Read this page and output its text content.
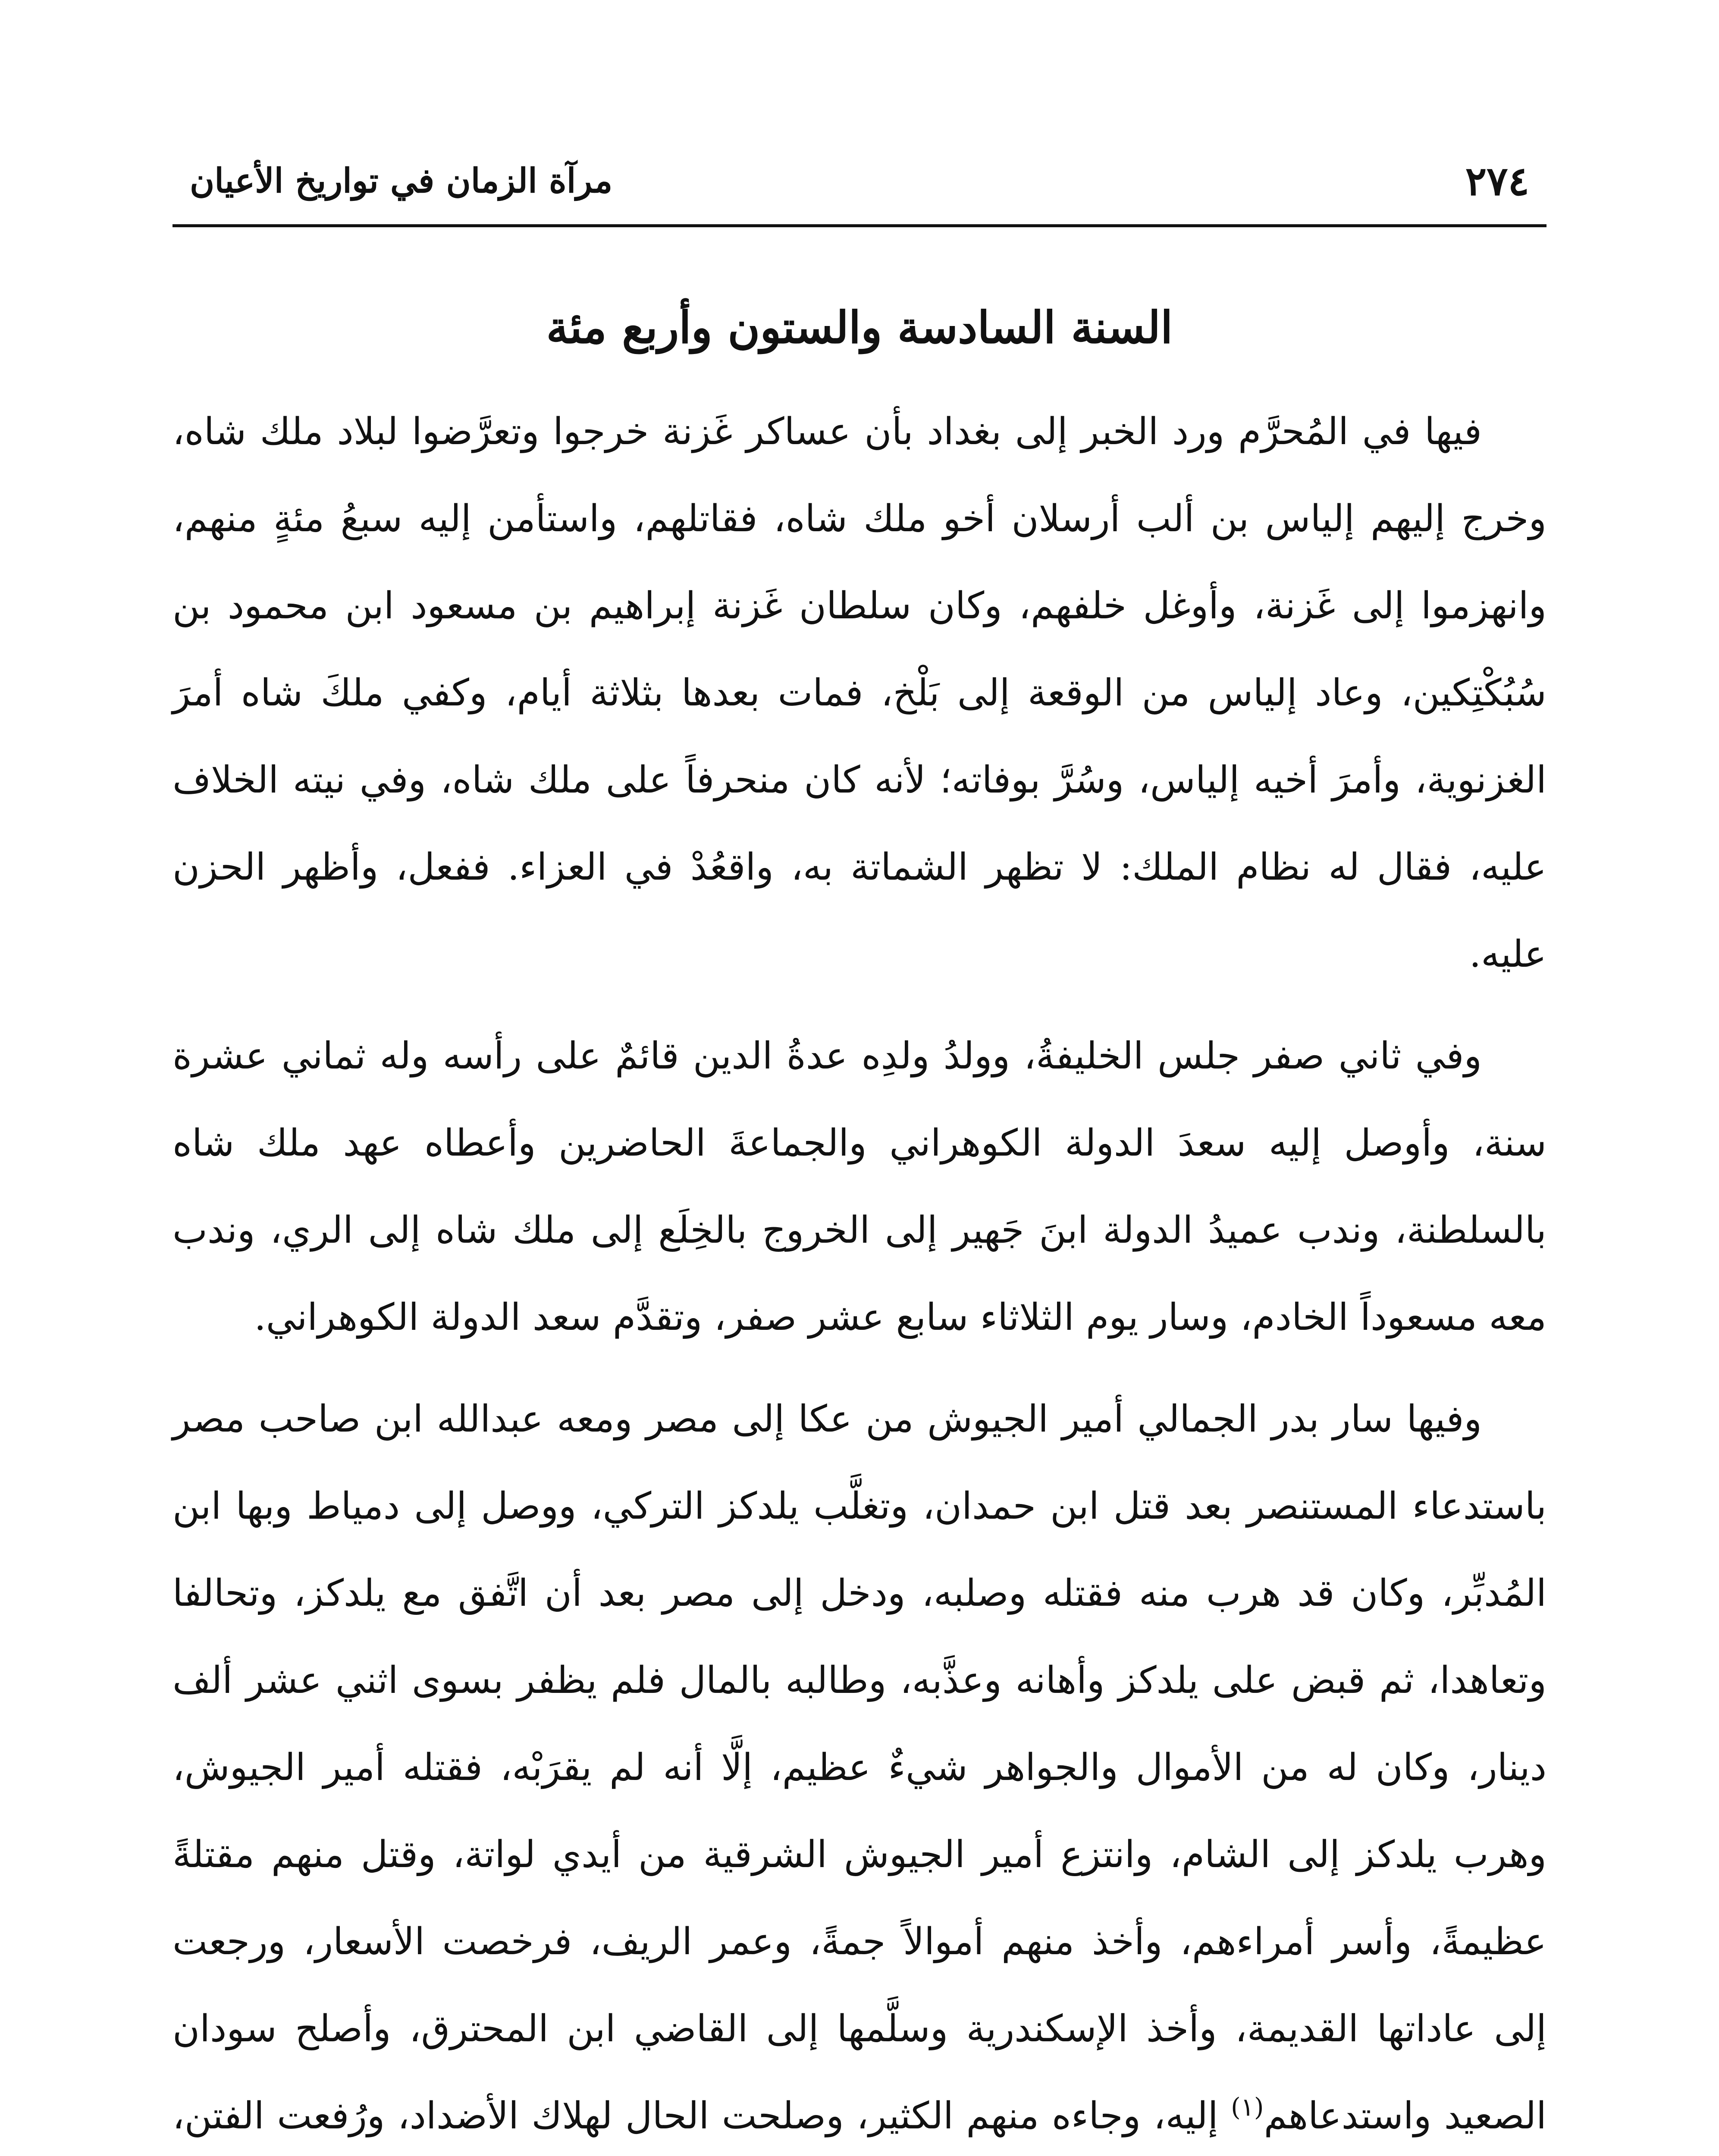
٢٧٤
مرآة الزمان في تواريخ الأعيان
السنة السادسة والستون وأربع مئة

فيها في المُحرَّم ورد الخبر إلى بغداد بأن عساكر غَزنة خرجوا وتعرَّضوا لبلاد ملك شاه، وخرج إليهم إلياس بن ألب أرسلان أخو ملك شاه، فقاتلهم، واستأمن إليه سبعُ مئةٍ منهم، وانهزموا إلى غَزنة، وأوغل خلفهم، وكان سلطان غَزنة إبراهيم بن مسعود ابن محمود بن سُبُكْتِكين، وعاد إلياس من الوقعة إلى بَلْخ، فمات بعدها بثلاثة أيام، وكفي ملكَ شاه أمرَ الغزنوية، وأمرَ أخيه إلياس، وسُرَّ بوفاته؛ لأنه كان منحرفاً على ملك شاه، وفي نيته الخلاف عليه، فقال له نظام الملك: لا تظهر الشماتة به، واقعُدْ في العزاء. ففعل، وأظهر الحزن عليه.

وفي ثاني صفر جلس الخليفةُ، وولدُ ولدِه عدةُ الدين قائمٌ على رأسه وله ثماني عشرة سنة، وأوصل إليه سعدَ الدولة الكوهراني والجماعةَ الحاضرين وأعطاه عهد ملك شاه بالسلطنة، وندب عميدُ الدولة ابنَ جَهير إلى الخروج بالخِلَع إلى ملك شاه إلى الري، وندب معه مسعوداً الخادم، وسار يوم الثلاثاء سابع عشر صفر، وتقدَّم سعد الدولة الكوهراني.

وفيها سار بدر الجمالي أمير الجيوش من عكا إلى مصر ومعه عبدالله ابن صاحب مصر باستدعاء المستنصر بعد قتل ابن حمدان، وتغلَّب يلدكز التركي، ووصل إلى دمياط وبها ابن المُدبِّر، وكان قد هرب منه فقتله وصلبه، ودخل إلى مصر بعد أن اتَّفق مع يلدكز، وتحالفا وتعاهدا، ثم قبض على يلدكز وأهانه وعذَّبه، وطالبه بالمال فلم يظفر بسوى اثني عشر ألف دينار، وكان له من الأموال والجواهر شيءٌ عظيم، إلَّا أنه لم يقرَبْه، فقتله أمير الجيوش، وهرب يلدكز إلى الشام، وانتزع أمير الجيوش الشرقية من أيدي لواتة، وقتل منهم مقتلةً عظيمةً، وأسر أمراءهم، وأخذ منهم أموالاً جمةً، وعمر الريف، فرخصت الأسعار، ورجعت إلى عاداتها القديمة، وأخذ الإسكندرية وسلَّمها إلى القاضي ابن المحترق، وأصلح سودان الصعيد واستدعاهم$^{(١)}$ إليه، وجاءه منهم الكثير، وصلحت الحال لهلاك الأضداد، ورُفعت الفتن،
